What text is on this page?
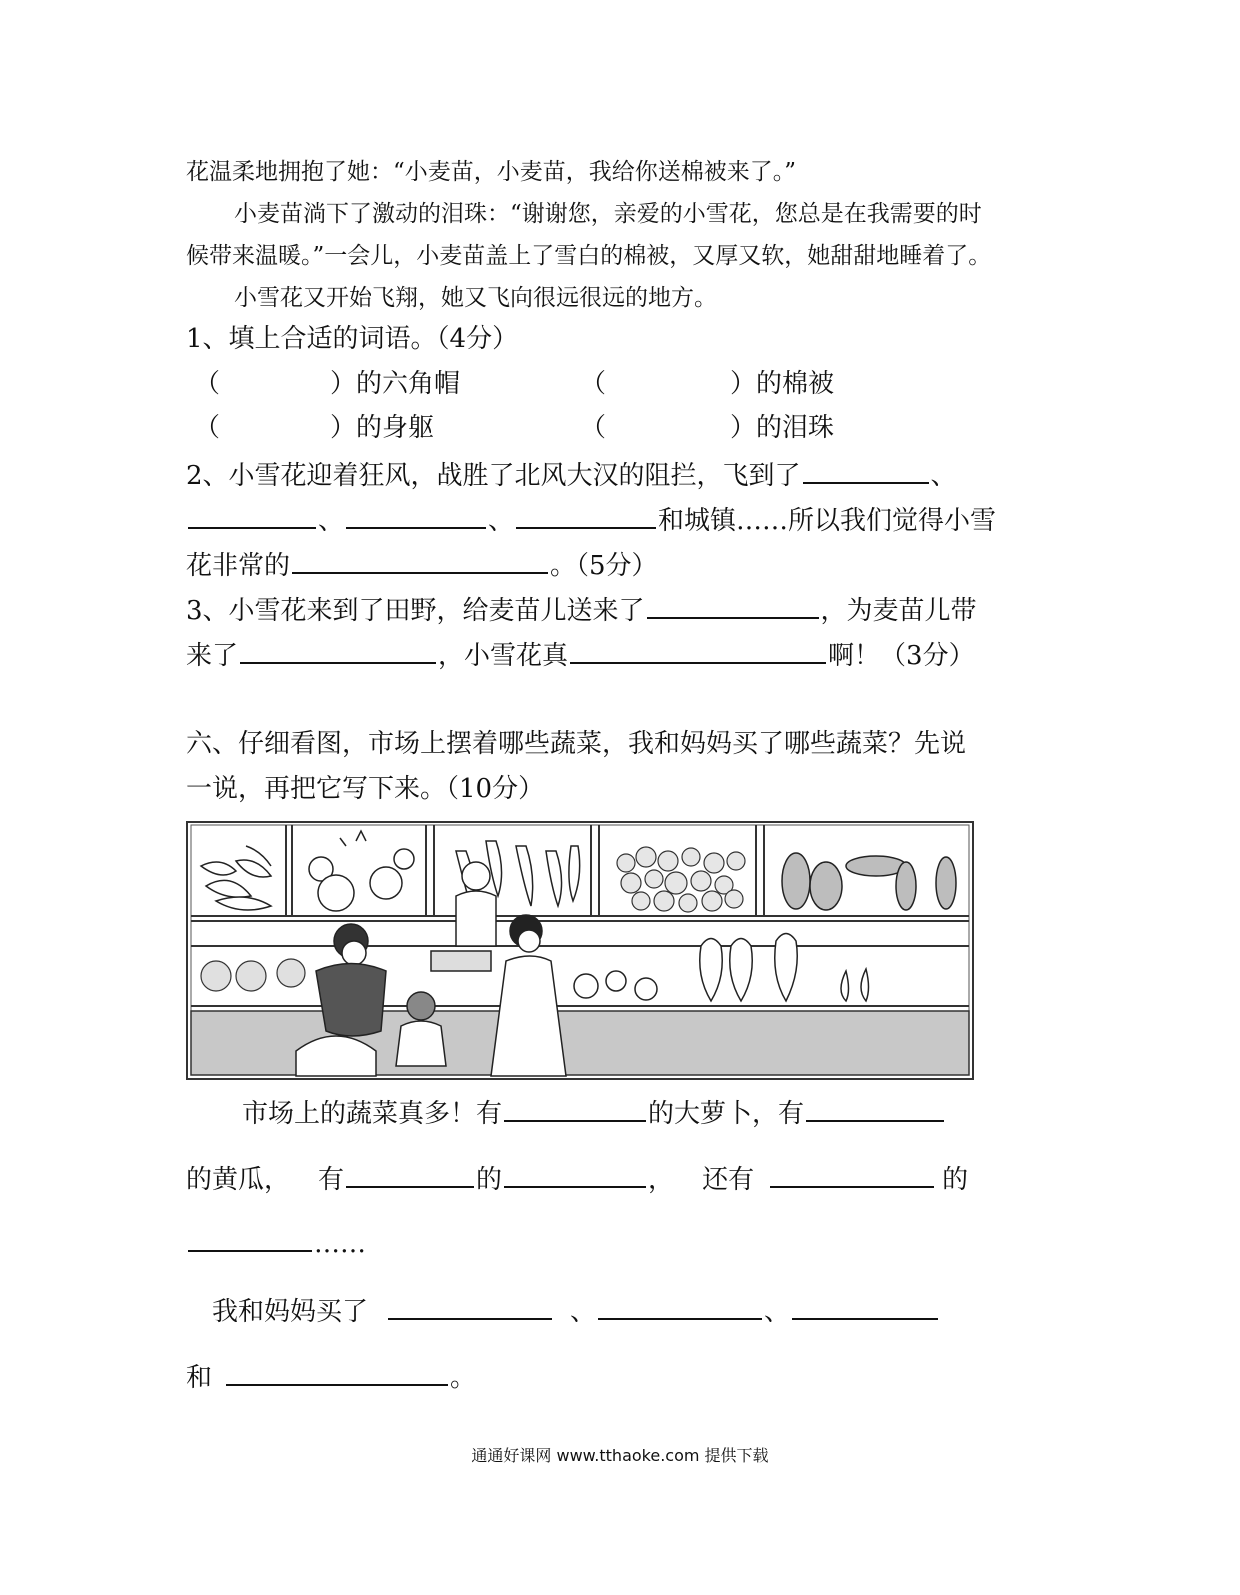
花温柔地拥抱了她：“小麦苗，小麦苗，我给你送棉被来了。”
小麦苗淌下了激动的泪珠：“谢谢您，亲爱的小雪花，您总是在我需要的时
候带来温暖。”一会儿，小麦苗盖上了雪白的棉被，又厚又软，她甜甜地睡着了。
小雪花又开始飞翔，她又飞向很远很远的地方。
1、填上合适的词语。（4分）
（	）的六角帽	（	）的棉被
（	）的身躯	（	）的泪珠
2、小雪花迎着狂风，战胜了北风大汉的阻拦，飞到了	、
、	、	和城镇……所以我们觉得小雪
花非常的	。（5分）
3、小雪花来到了田野，给麦苗儿送来了	，为麦苗儿带
来了	，小雪花真	啊！（3分）
六、仔细看图，市场上摆着哪些蔬菜，我和妈妈买了哪些蔬菜？先说
一说，再把它写下来。（10分）
市场上的蔬菜真多！有	的大萝卜，有
的黄瓜， 有	的	， 还有	的
……
我和妈妈买了	、	、
和	。
通通好课网 www.tthaoke.com 提供下载
